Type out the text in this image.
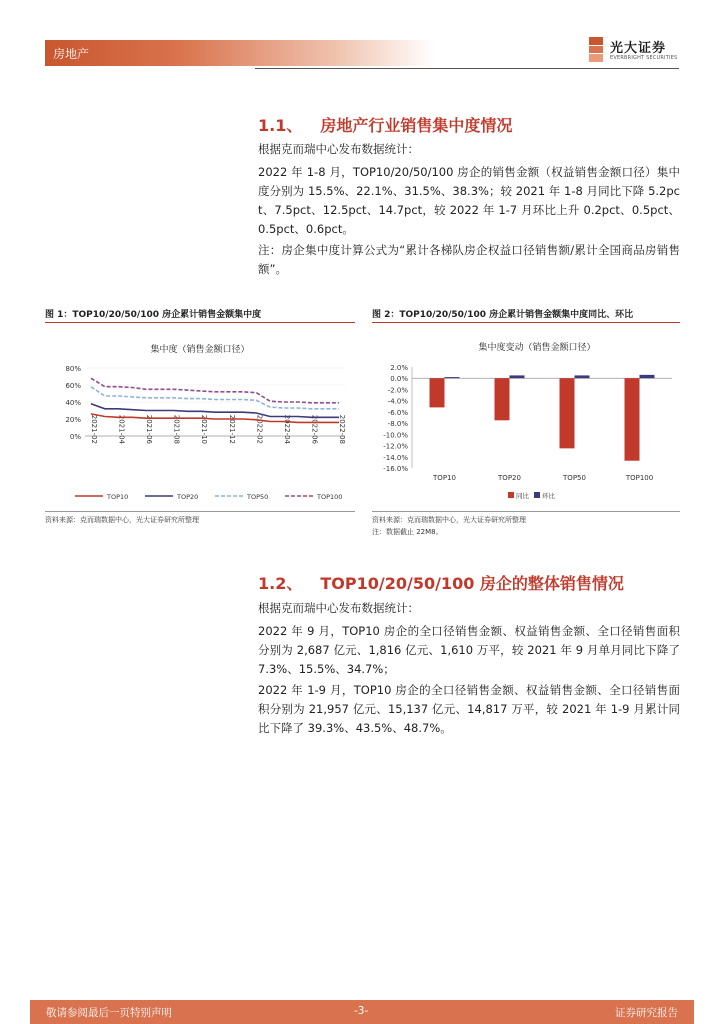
房地产	光大证券
EVERBRIGHT SECURITIES
1.1、 房地产行业销售集中度情况

根据克而瑞中心发布数据统计：

2022 年 1-8 月，TOP10/20/50/100 房企的销售金额（权益销售金额口径）集中度分别为 15.5%、22.1%、31.5%、38.3%；较 2021 年 1-8 月同比下降 5.2pct、7.5pct、12.5pct、14.7pct，较 2022 年 1-7 月环比上升 0.2pct、0.5pct、0.5pct、0.6pct。

注：房企集中度计算公式为“累计各梯队房企权益口径销售额/累计全国商品房销售额”。

图 1：TOP10/20/50/100 房企累计销售金额集中度
集中度（销售金额口径）
0%
20%
40%
60%
80%
2021-02	2021-04	2021-06	2021-08	2021-10	2021-12	2022-02	2022-04	2022-06	2022-08
TOP10	TOP20	TOP50	TOP100
资料来源：克而瑞数据中心，光大证券研究所整理
图 2：TOP10/20/50/100 房企累计销售金额集中度同比、环比
集中度变动（销售金额口径）
2.0%
0.0%
-2.0%
-4.0%
-6.0%
-8.0%
-10.0%
-12.0%
-14.0%
-16.0%
TOP10	TOP20	TOP50	TOP100
同比 环比
资料来源：克而瑞数据中心，光大证券研究所整理
注：数据截止 22M8。
1.2、 TOP10/20/50/100 房企的整体销售情况

根据克而瑞中心发布数据统计：

2022 年 9 月，TOP10 房企的全口径销售金额、权益销售金额、全口径销售面积分别为 2,687 亿元、1,816 亿元、1,610 万平，较 2021 年 9 月单月同比下降了 7.3%、15.5%、34.7%；

2022 年 1-9 月，TOP10 房企的全口径销售金额、权益销售金额、全口径销售面积分别为 21,957 亿元、15,137 亿元、14,817 万平，较 2021 年 1-9 月累计同比下降了 39.3%、43.5%、48.7%。

敬请参阅最后一页特别声明	-3-	证券研究报告
